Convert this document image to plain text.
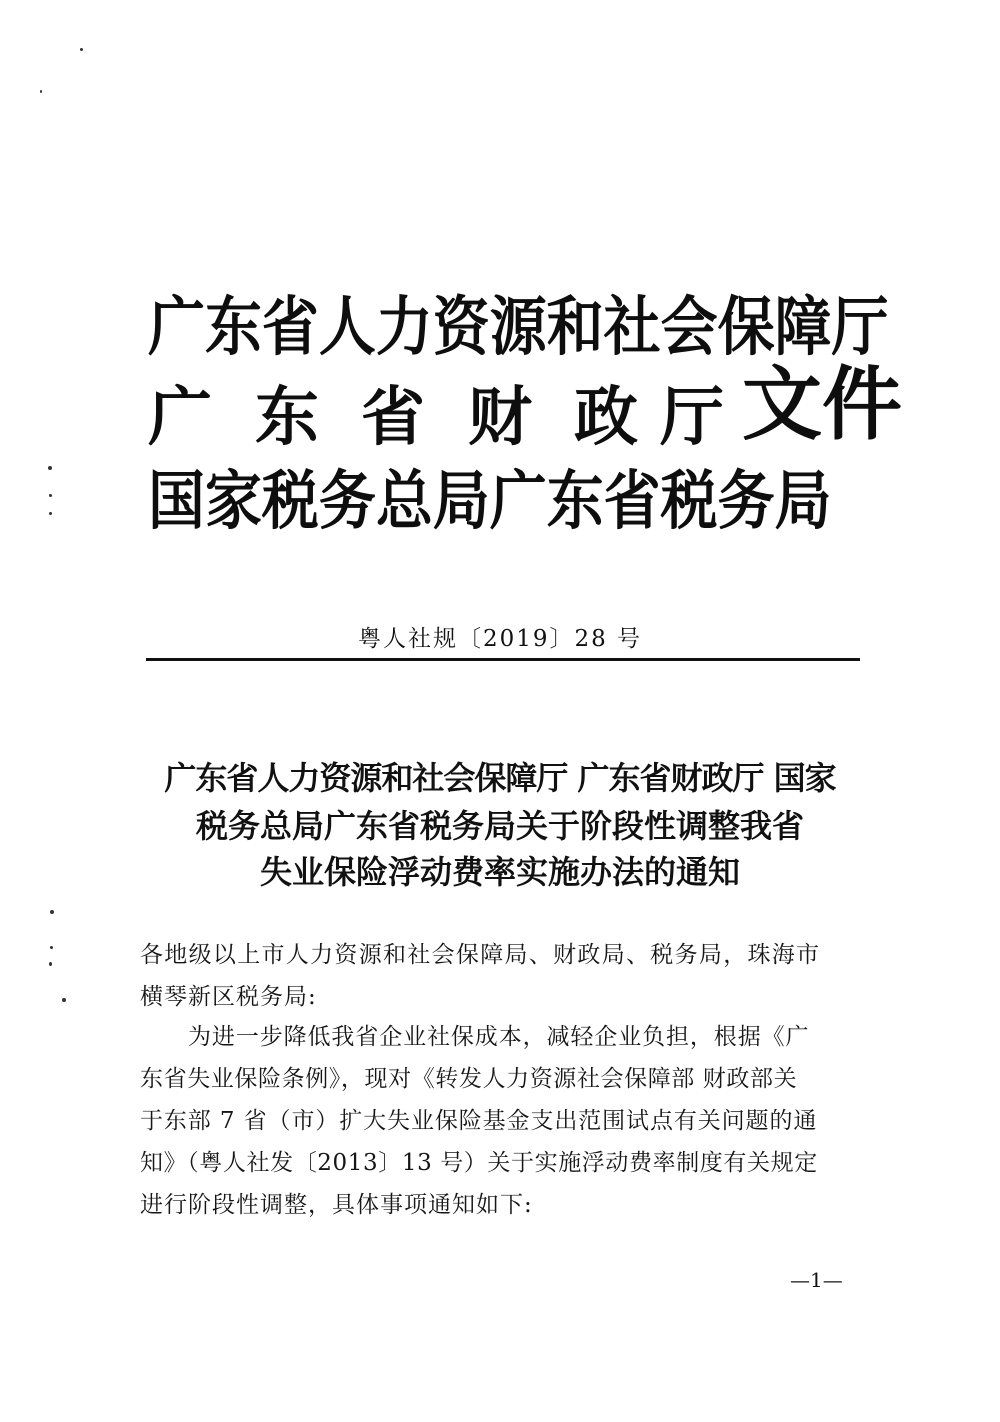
广东省人力资源和社会保障厅
广 东 省 财 政 厅
国家税务总局广东省税务局
文件
粤人社规〔2019〕28 号
广东省人力资源和社会保障厅 广东省财政厅 国家
税务总局广东省税务局关于阶段性调整我省
失业保险浮动费率实施办法的通知
各地级以上市人力资源和社会保障局、财政局、税务局，珠海市
横琴新区税务局:
为进一步降低我省企业社保成本，减轻企业负担，根据《广
东省失业保险条例》，现对《转发人力资源社会保障部 财政部关
于东部 7 省（市）扩大失业保险基金支出范围试点有关问题的通
知》（粤人社发〔2013〕13 号）关于实施浮动费率制度有关规定
进行阶段性调整，具体事项通知如下:
—1—
